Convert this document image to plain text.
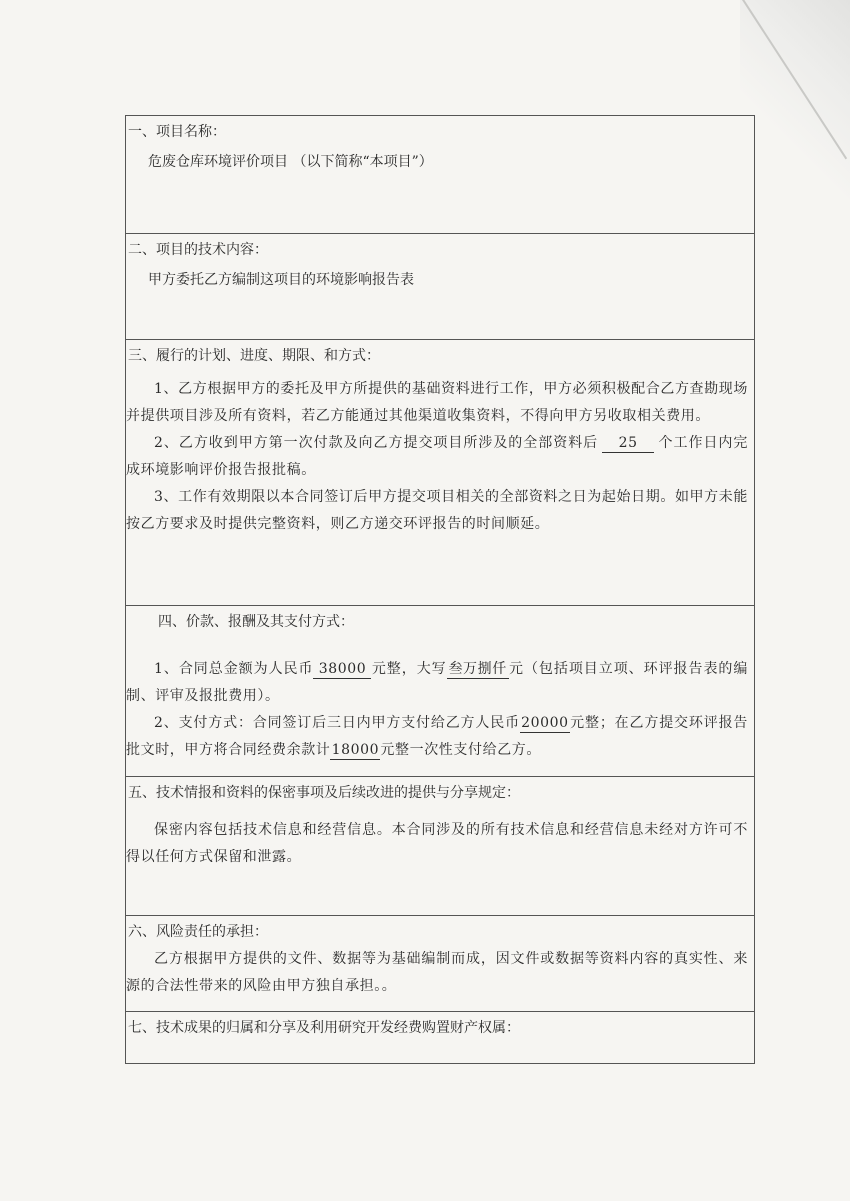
一、项目名称：
危废仓库环境评价项目 （以下简称“本项目”）
二、项目的技术内容：
甲方委托乙方编制这项目的环境影响报告表
三、履行的计划、进度、期限、和方式：

1、乙方根据甲方的委托及甲方所提供的基础资料进行工作，甲方必须积极配合乙方查勘现场并提供项目涉及所有资料，若乙方能通过其他渠道收集资料，不得向甲方另收取相关费用。

2、乙方收到甲方第一次付款及向乙方提交项目所涉及的全部资料后 25 个工作日内完成环境影响评价报告报批稿。

3、工作有效期限以本合同签订后甲方提交项目相关的全部资料之日为起始日期。如甲方未能按乙方要求及时提供完整资料，则乙方递交环评报告的时间顺延。

四、价款、报酬及其支付方式：

1、合同总金额为人民币 38000 元整，大写 叁万捌仟 元（包括项目立项、环评报告表的编制、评审及报批费用）。

2、支付方式：合同签订后三日内甲方支付给乙方人民币20000元整；在乙方提交环评报告批文时，甲方将合同经费余款计18000元整一次性支付给乙方。

五、技术情报和资料的保密事项及后续改进的提供与分享规定：

保密内容包括技术信息和经营信息。本合同涉及的所有技术信息和经营信息未经对方许可不得以任何方式保留和泄露。

六、风险责任的承担：

乙方根据甲方提供的文件、数据等为基础编制而成，因文件或数据等资料内容的真实性、来源的合法性带来的风险由甲方独自承担。。

七、技术成果的归属和分享及利用研究开发经费购置财产权属：
